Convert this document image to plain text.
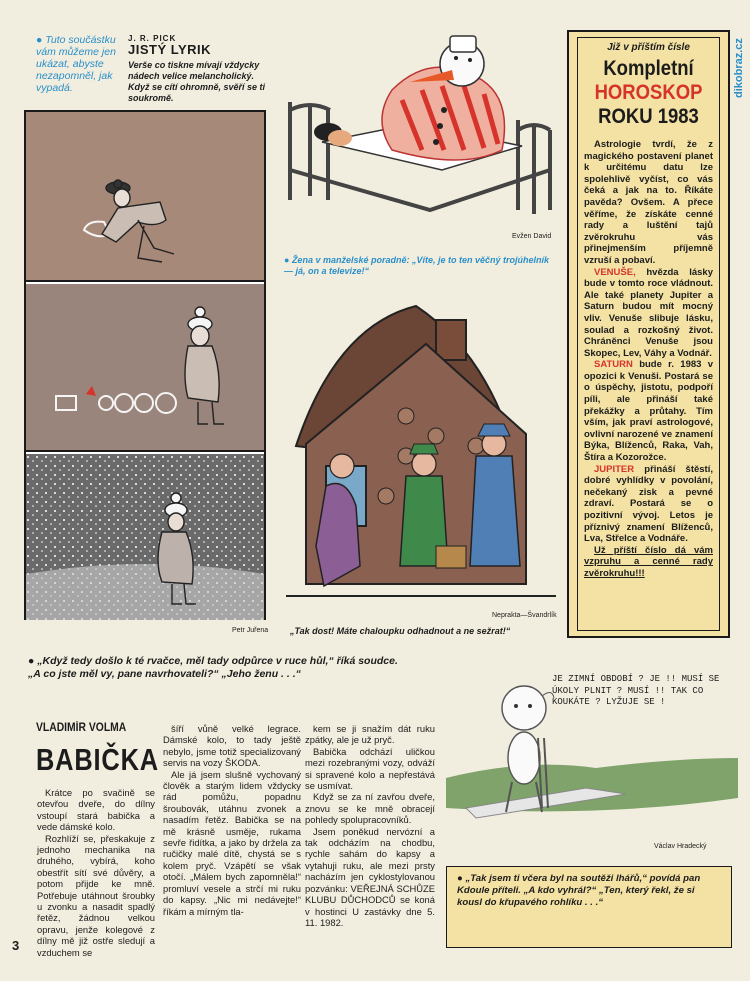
dikobraz.cz
● Tuto součástku vám můžeme jen ukázat, abyste nezapomněl, jak vypadá.
J. R. PICK
JISTÝ LYRIK
Verše co tiskne mívají vždycky nádech velice melancholický. Když se cítí ohromně, svěří se ti soukromě.
Petr Juřena
Evžen David
● Žena v manželské poradně: „Víte, je to ten věčný trojúhelník — já, on a televize!“
Neprakta—Švandrlík
„Tak dost! Máte chaloupku odhadnout a ne sežrat!“
Již v příštím čísle
Kompletní
HOROSKOP
ROKU 1983

Astrologie tvrdí, že z magického postavení planet k určitému datu lze spolehlivě vyčíst, co vás čeká a jak na to. Říkáte pavěda? Ovšem. A přece věříme, že získáte cenné rady a luštění tajů zvěrokruhu vás přinejmenším příjemně vzruší a pobaví.

VENUŠE, hvězda lásky bude v tomto roce vládnout. Ale také planety Jupiter a Saturn budou mít mocný vliv. Venuše slibuje lásku, soulad a rozkošný život. Chránĕnci Venuše jsou Skopec, Lev, Váhy a Vodnář.

SATURN bude r. 1983 v opozici k Venuši. Postará se o úspěchy, jistotu, podpoří píli, ale přináší také překážky a průtahy. Tím vším, jak praví astrologové, ovlivní narozené ve znamení Býka, Blíženců, Raka, Vah, Štíra a Kozorožce.

JUPITER přináší štěstí, dobré vyhlídky v povolání, nečekaný zisk a pevné zdraví. Postará se o pozitivní vývoj. Letos je příznivý znamení Blíženců, Lva, Střelce a Vodnáře.

Už příští číslo dá vám vzpruhu a cenné rady zvěrokruhu!!!

● „Když tedy došlo k té rvačce, měl tady odpůrce v ruce hůl,“ říká soudce. „A co jste měl vy, pane navrhovateli?“ „Jeho ženu . . .“
VLADIMÍR VOLMA
BABIČKA

Krátce po svačině se otevřou dveře, do dílny vstoupí stará babička a vede dámské kolo.

Rozhlíží se, přeskakuje z jednoho mechanika na druhého, vybírá, koho obestřít sítí své důvěry, a potom přijde ke mně. Potřebuje utáhnout šroubky u zvonku a nasadit spadlý řetěz, žádnou velkou opravu, jenže kolegové z dílny mě již ostře sledují a vzduchem se

šíří vůně velké legrace. Dámské kolo, to tady ještě nebylo, jsme totiž specializovaný servis na vozy ŠKODA.

Ale já jsem slušně vychovaný člověk a starým lidem vždycky rád pomůžu, popadnu šroubovák, utáhnu zvonek a nasadím řetěz. Babička se na mě krásně usměje, rukama sevře řidítka, a jako by držela za ručičky malé dítě, chystá se s kolem pryč. Vzápětí se však otočí. „Málem bych zapomněla!“ promluví vesele a strčí mi ruku do kapsy. „Nic mi nedávejte!“ říkám a mírným tla-

kem se ji snažím dát ruku zpátky, ale je už pryč.

Babička odchází uličkou mezi rozebranými vozy, odváží si spravené kolo a nepřestává se usmívat.

Když se za ní zavřou dveře, znovu se ke mně obracejí pohledy spolupracovníků.

Jsem poněkud nervózní a tak odcházím na chodbu, rychle sahám do kapsy a vytahuji ruku, ale mezi prsty nacházím jen cyklostylovanou pozvánku: VEŘEJNÁ SCHŮZE KLUBU DŮCHODCŮ se koná v hostinci U zastávky dne 5. 11. 1982.

3
JE ZIMNÍ OBDOBÍ ? JE !! MUSÍ SE ÚKOLY PLNIT ? MUSÍ !! TAK CO KOUKÁTE ? LYŽUJE SE !
Václav Hradecký
● „Tak jsem ti včera byl na soutěži lhářů,“ povídá pan Kdoule příteli. „A kdo vyhrál?“ „Ten, který řekl, že si kousl do křupavého rohlíku . . .“
